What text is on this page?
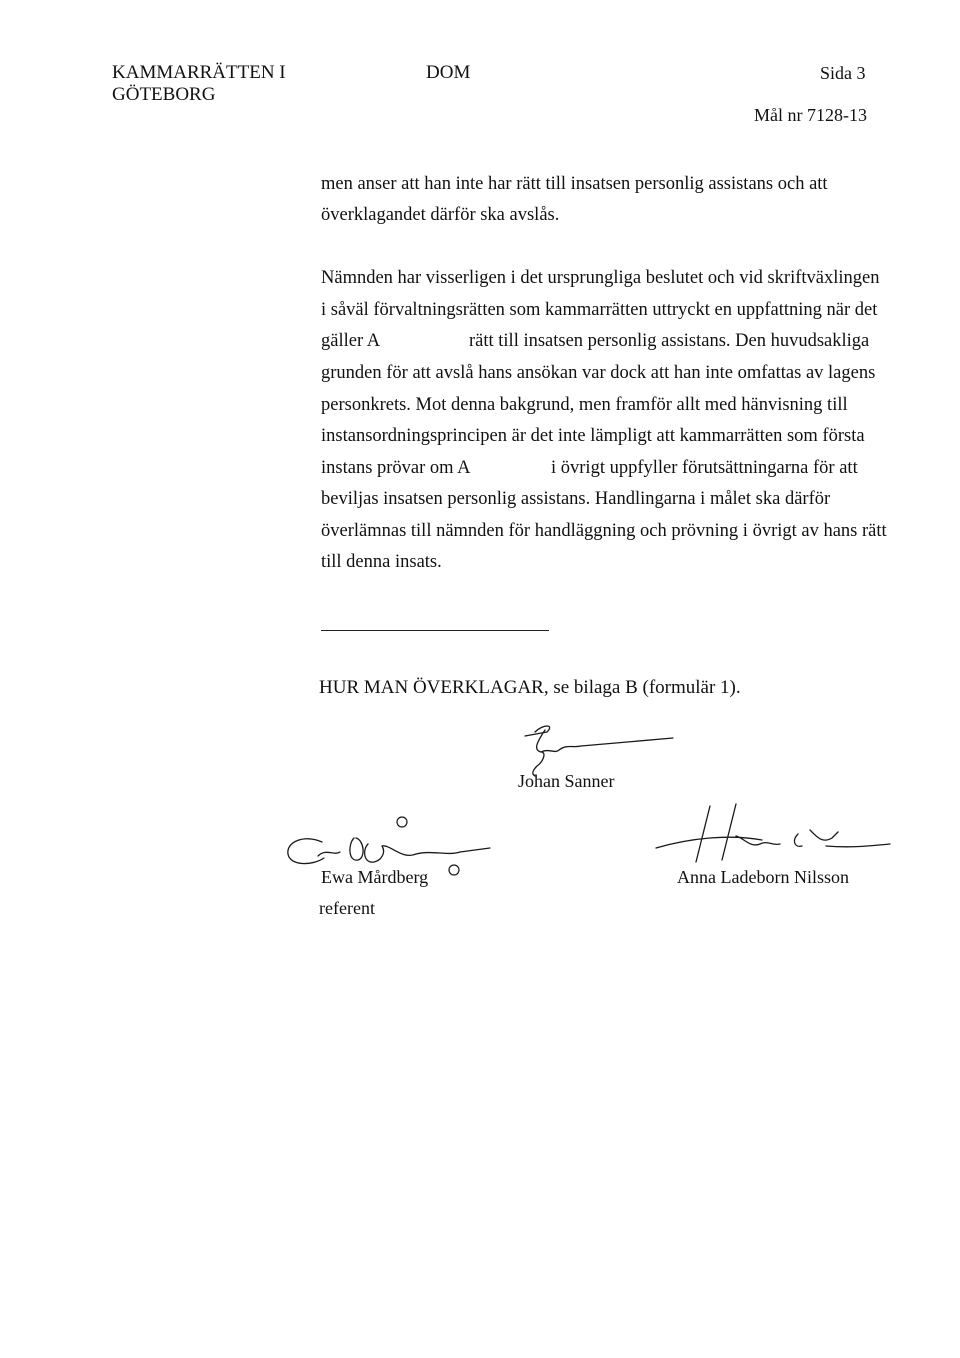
KAMMARRÄTTEN I
GÖTEBORG
DOM	Sida 3
Mål nr 7128-13
men anser att han inte har rätt till insatsen personlig assistans och att
överklagandet därför ska avslås.
Nämnden har visserligen i det ursprungliga beslutet och vid skriftväxlingen
i såväl förvaltningsrätten som kammarrätten uttryckt en uppfattning när det
gäller A	rätt till insatsen personlig assistans. Den huvudsakliga
grunden för att avslå hans ansökan var dock att han inte omfattas av lagens
personkrets. Mot denna bakgrund, men framför allt med hänvisning till
instansordningsprincipen är det inte lämpligt att kammarrätten som första
instans prövar om A	i övrigt uppfyller förutsättningarna för att
beviljas insatsen personlig assistans. Handlingarna i målet ska därför
överlämnas till nämnden för handläggning och prövning i övrigt av hans rätt
till denna insats.
HUR MAN ÖVERKLAGAR, se bilaga B (formulär 1).
Johan Sanner
Ewa Mårdberg
referent
Anna Ladeborn Nilsson
